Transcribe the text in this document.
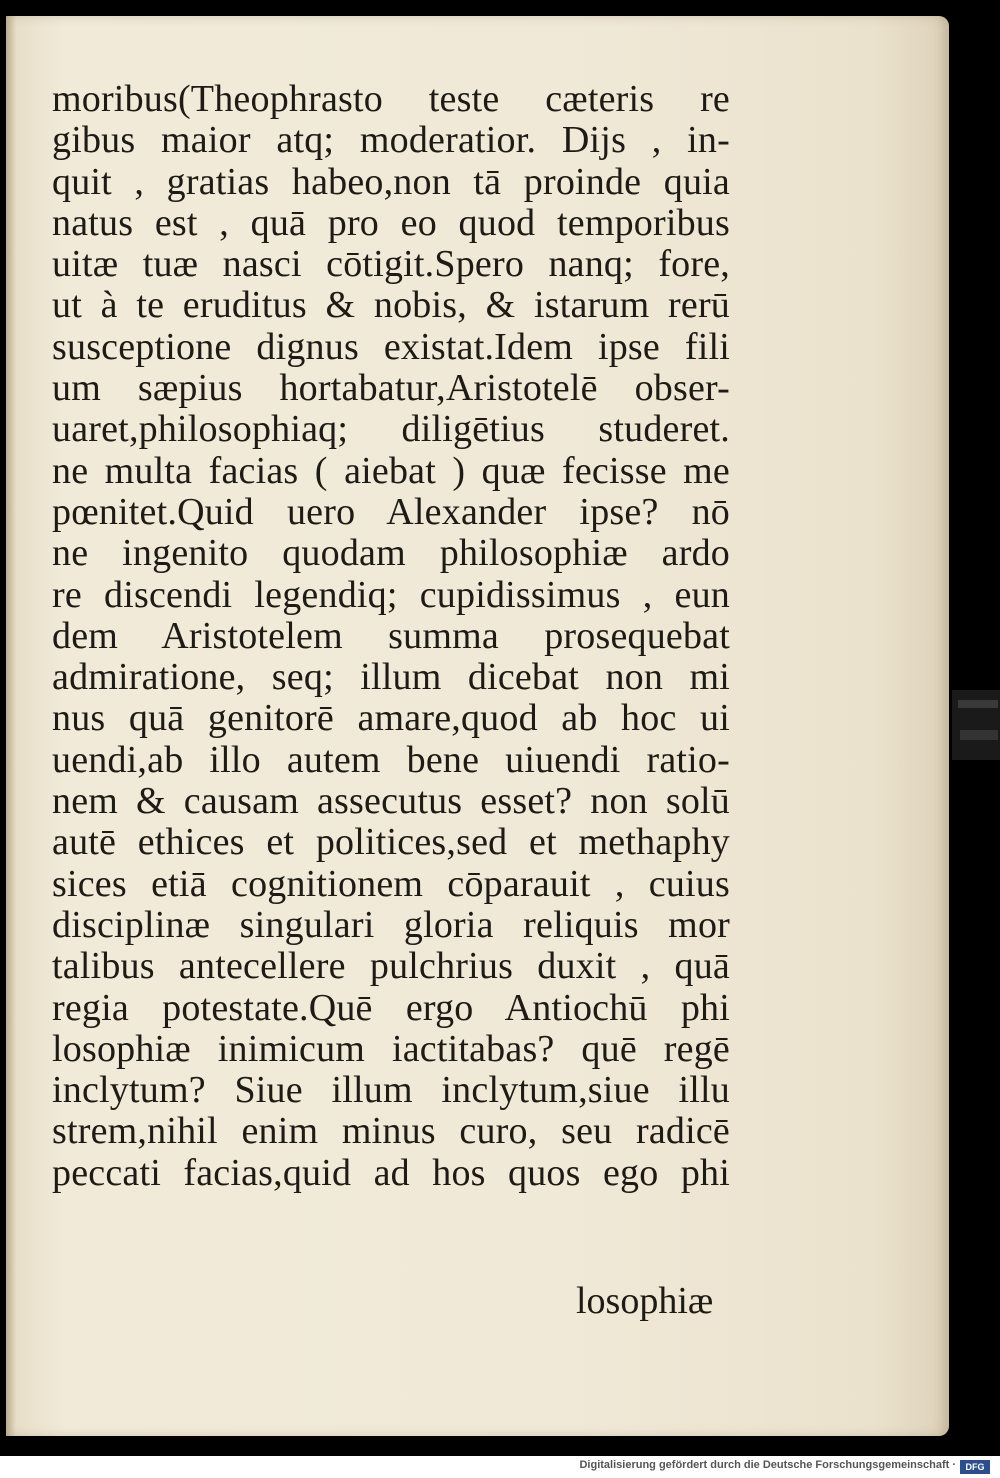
moribus(Theophrasto teste cæteris re
gibus maior atq; moderatior. Dijs , in-
quit , gratias habeo,non tā proinde quia
natus est , quā pro eo quod temporibus
uitæ tuæ nasci cōtigit.Spero nanq; fore,
ut à te eruditus & nobis, & istarum rerū
susceptione dignus existat.Idem ipse fili
um sæpius hortabatur,Aristotelē obser-
uaret,philosophiaq; diligētius studeret.
ne multa facias ( aiebat ) quæ fecisse me
pœnitet.Quid uero Alexander ipse? nō
ne ingenito quodam philosophiæ ardo
re discendi legendiq; cupidissimus , eun
dem Aristotelem summa prosequebat
admiratione, seq; illum dicebat non mi
nus quā genitorē amare,quod ab hoc ui
uendi,ab illo autem bene uiuendi ratio-
nem & causam assecutus esset? non solū
autē ethices et politices,sed et methaphy
sices etiā cognitionem cōparauit , cuius
disciplinæ singulari gloria reliquis mor
talibus antecellere pulchrius duxit , quā
regia potestate.Quē ergo Antiochū phi
losophiæ inimicum iactitabas? quē regē
inclytum? Siue illum inclytum,siue illu
strem,nihil enim minus curo, seu radicē
peccati facias,quid ad hos quos ego phi
losophiæ
Digitalisierung gefördert durch die Deutsche Forschungsgemeinschaft ·	DFG
